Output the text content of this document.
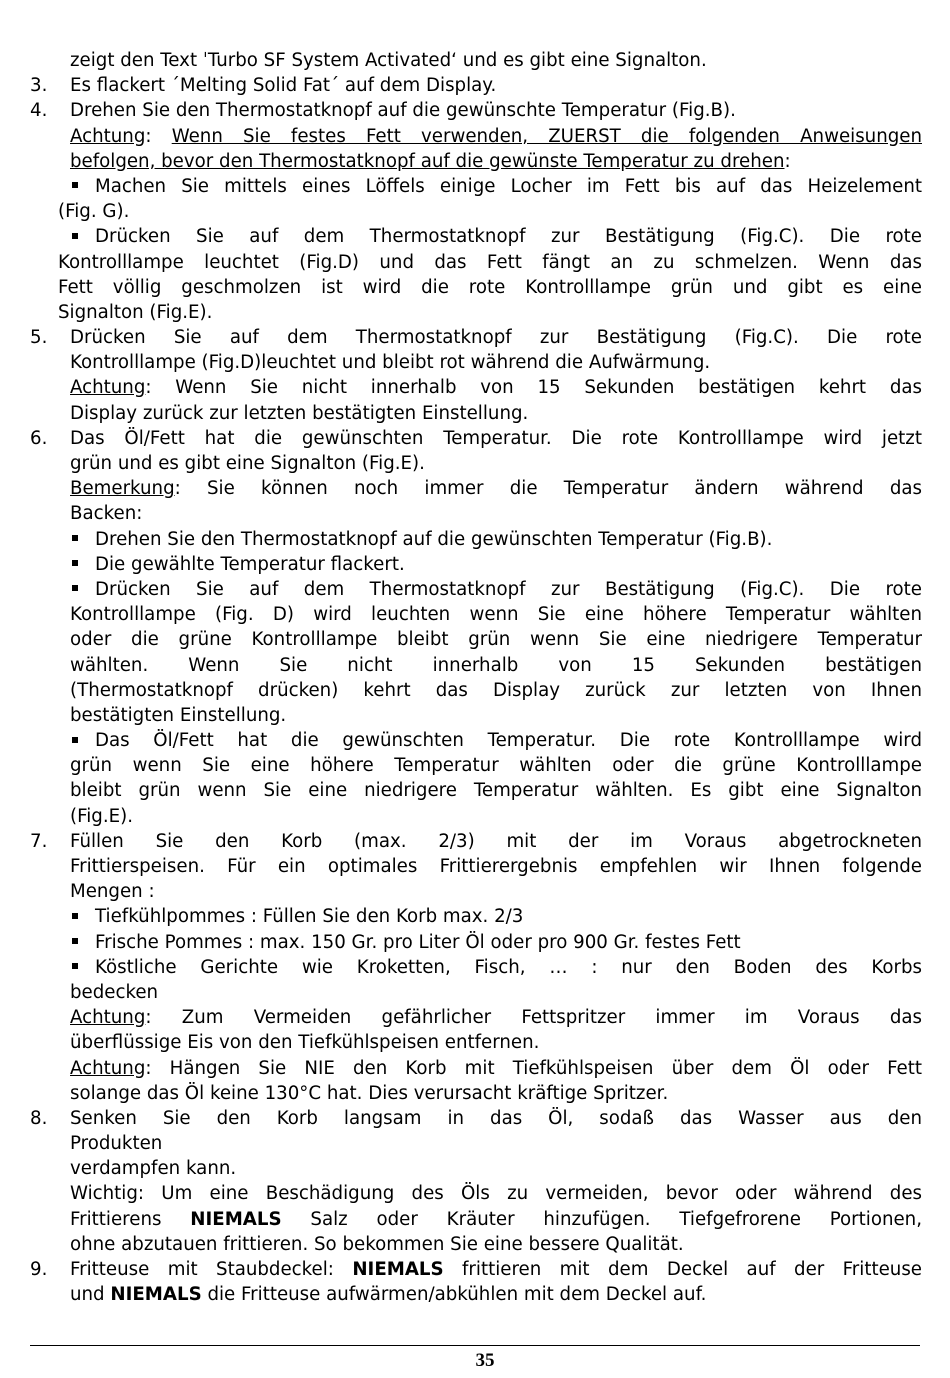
zeigt den Text ˈTurbo SF System Activated‘ und es gibt eine Signalton.
3. Es flackert ´Melting Solid Fat´ auf dem Display.
4. Drehen Sie den Thermostatknopf auf die gewünschte Temperatur (Fig.B).
Achtung: Wenn Sie festes Fett verwenden, ZUERST die folgenden Anweisungen
befolgen, bevor den Thermostatknopf auf die gewünste Temperatur zu drehen:
Machen Sie mittels eines Löffels einige Locher im Fett bis auf das Heizelement
(Fig. G).
Drücken Sie auf dem Thermostatknopf zur Bestätigung (Fig.C). Die rote
Kontrolllampe leuchtet (Fig.D) und das Fett fängt an zu schmelzen. Wenn das
Fett völlig geschmolzen ist wird die rote Kontrolllampe grün und gibt es eine
Signalton (Fig.E).
5. Drücken Sie auf dem Thermostatknopf zur Bestätigung (Fig.C). Die rote
Kontrolllampe (Fig.D)leuchtet und bleibt rot während die Aufwärmung.
Achtung: Wenn Sie nicht innerhalb von 15 Sekunden bestätigen kehrt das
Display zurück zur letzten bestätigten Einstellung.
6. Das Öl/Fett hat die gewünschten Temperatur. Die rote Kontrolllampe wird jetzt
grün und es gibt eine Signalton (Fig.E).
Bemerkung: Sie können noch immer die Temperatur ändern während das
Backen:
Drehen Sie den Thermostatknopf auf die gewünschten Temperatur (Fig.B).
Die gewählte Temperatur flackert.
Drücken Sie auf dem Thermostatknopf zur Bestätigung (Fig.C). Die rote
Kontrolllampe (Fig. D) wird leuchten wenn Sie eine höhere Temperatur wählten
oder die grüne Kontrolllampe bleibt grün wenn Sie eine niedrigere Temperatur
wählten. Wenn Sie nicht innerhalb von 15 Sekunden bestätigen
(Thermostatknopf drücken) kehrt das Display zurück zur letzten von Ihnen
bestätigten Einstellung.
Das Öl/Fett hat die gewünschten Temperatur. Die rote Kontrolllampe wird
grün wenn Sie eine höhere Temperatur wählten oder die grüne Kontrolllampe
bleibt grün wenn Sie eine niedrigere Temperatur wählten. Es gibt eine Signalton
(Fig.E).
7. Füllen Sie den Korb (max. 2/3) mit der im Voraus abgetrockneten
Frittierspeisen. Für ein optimales Frittierergebnis empfehlen wir Ihnen folgende
Mengen :
Tiefkühlpommes : Füllen Sie den Korb max. 2/3
Frische Pommes : max. 150 Gr. pro Liter Öl oder pro 900 Gr. festes Fett
Köstliche Gerichte wie Kroketten, Fisch, … : nur den Boden des Korbs
bedecken
Achtung: Zum Vermeiden gefährlicher Fettspritzer immer im Voraus das
überflüssige Eis von den Tiefkühlspeisen entfernen.
Achtung: Hängen Sie NIE den Korb mit Tiefkühlspeisen über dem Öl oder Fett
solange das Öl keine 130°C hat. Dies verursacht kräftige Spritzer.
8. Senken Sie den Korb langsam in das Öl, sodaß das Wasser aus den
Produkten
verdampfen kann.
Wichtig: Um eine Beschädigung des Öls zu vermeiden, bevor oder während des
Frittierens NIEMALS Salz oder Kräuter hinzufügen. Tiefgefrorene Portionen,
ohne abzutauen frittieren. So bekommen Sie eine bessere Qualität.
9. Fritteuse mit Staubdeckel: NIEMALS frittieren mit dem Deckel auf der Fritteuse
und NIEMALS die Fritteuse aufwärmen/abkühlen mit dem Deckel auf.
35
